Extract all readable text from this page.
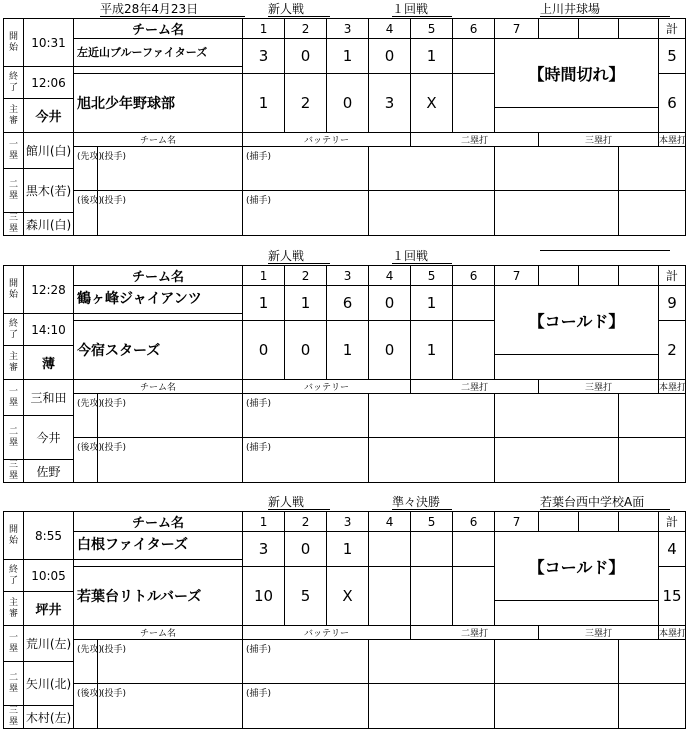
平成28年4月23日	新人戦	１回戦	上川井球場
開始	10:31	チーム名		1	2	3	4	5	6	7				計	

		左近山ブルーファイターズ		3	0	1	0	1		【時間切れ】				5	
終了	12:06														

		旭北少年野球部		1	2	0	3	X						6	
主審	今井														

一塁	館川(白)	チーム名		バッテリー				二塁打			三塁打			本塁打	
		(先攻)	(投手)	(捕手)											
二塁	黒木(若)														
		(後攻)	(投手)	(捕手)											
三塁	森川(白)														
新人戦	１回戦
開始	12:28	チーム名		1	2	3	4	5	6	7				計	

		鶴ヶ峰ジャイアンツ		1	1	6	0	1		【コールド】				9	
終了	14:10														

		今宿スターズ		0	0	1	0	1						2	
主審	薄														

一塁	三和田	チーム名		バッテリー				二塁打			三塁打			本塁打	
		(先攻)	(投手)	(捕手)											
二塁	今井														
		(後攻)	(投手)	(捕手)											
三塁	佐野														
新人戦	準々決勝	若葉台西中学校A面
開始	8:55	チーム名		1	2	3	4	5	6	7				計	

		白根ファイターズ		3	0	1				【コールド】				4	
終了	10:05														

		若葉台リトルバーズ		10	5	X								15	
主審	坪井														

一塁	荒川(左)	チーム名		バッテリー				二塁打			三塁打			本塁打	
		(先攻)	(投手)	(捕手)											
二塁	矢川(北)														
		(後攻)	(投手)	(捕手)											
三塁	木村(左)														
